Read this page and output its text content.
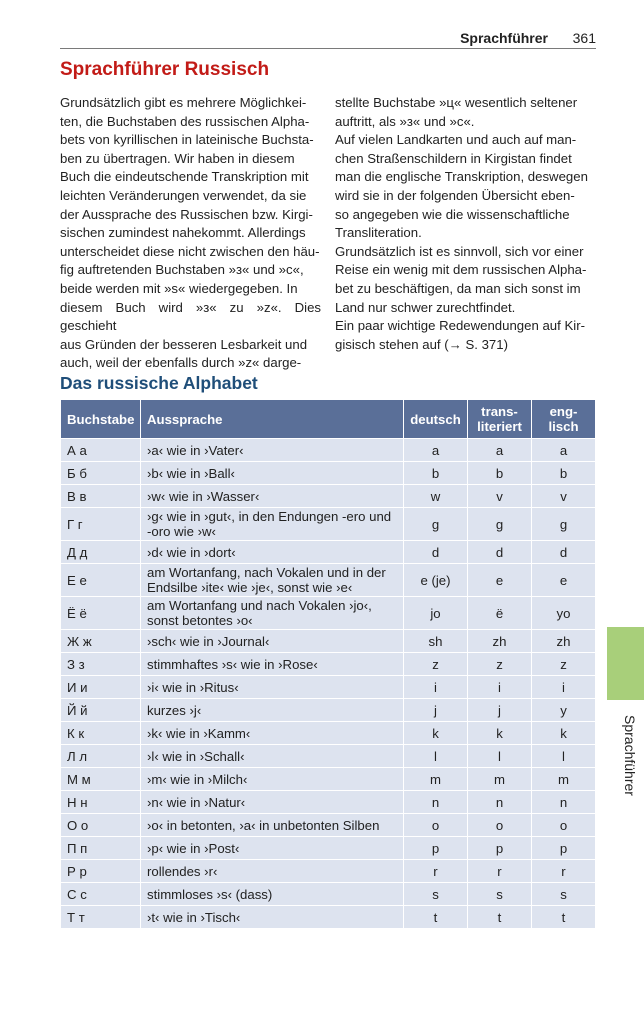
Sprachführer 361
Sprachführer Russisch

Grundsätzlich gibt es mehrere Möglichkei-
ten, die Buchstaben des russischen Alpha-
bets von kyrillischen in lateinische Buchsta-
ben zu übertragen. Wir haben in diesem
Buch die eindeutschende Transkription mit
leichten Veränderungen verwendet, da sie
der Aussprache des Russischen bzw. Kirgi-
sischen zumindest nahekommt. Allerdings
unterscheidet diese nicht zwischen den häu-
fig auftretenden Buchstaben »з« und »с«,
beide werden mit »s« wiedergegeben. In
diesem Buch wird »з« zu »z«. Dies geschieht
aus Gründen der besseren Lesbarkeit und
auch, weil der ebenfalls durch »z« darge-

stellte Buchstabe »ц« wesentlich seltener
auftritt, als »з« und »с«.
Auf vielen Landkarten und auch auf man-
chen Straßenschildern in Kirgistan findet
man die englische Transkription, deswegen
wird sie in der folgenden Übersicht eben-
so angegeben wie die wissenschaftliche
Transliteration.
Grundsätzlich ist es sinnvoll, sich vor einer
Reise ein wenig mit dem russischen Alpha-
bet zu beschäftigen, da man sich sonst im
Land nur schwer zurechtfindet.
Ein paar wichtige Redewendungen auf Kir-
gisisch stehen auf (→ S. 371)

Das russische Alphabet
Buchstabe	Aussprache	deutsch	trans-
literiert	eng-
lisch
А а	›a‹ wie in ›Vater‹	a	a	a
Б б	›b‹ wie in ›Ball‹	b	b	b
В в	›w‹ wie in ›Wasser‹	w	v	v
Г г	›g‹ wie in ›gut‹, in den Endungen -ero und -oro wie ›w‹	g	g	g
Д д	›d‹ wie in ›dort‹	d	d	d
Е е	am Wortanfang, nach Vokalen und in der Endsilbe ›ite‹ wie ›je‹, sonst wie ›e‹	e (je)	e	e
Ё ё	am Wortanfang und nach Vokalen ›jo‹, sonst betontes ›o‹	jo	ë	yo
Ж ж	›sch‹ wie in ›Journal‹	sh	zh	zh
З з	stimmhaftes ›s‹ wie in ›Rose‹	z	z	z
И и	›i‹ wie in ›Ritus‹	i	i	i
Й й	kurzes ›j‹	j	j	y
К к	›k‹ wie in ›Kamm‹	k	k	k
Л л	›l‹ wie in ›Schall‹	l	l	l
М м	›m‹ wie in ›Milch‹	m	m	m
Н н	›n‹ wie in ›Natur‹	n	n	n
О о	›o‹ in betonten, ›a‹ in unbetonten Silben	o	o	o
П п	›p‹ wie in ›Post‹	p	p	p
Р р	rollendes ›r‹	r	r	r
С с	stimmloses ›s‹ (dass)	s	s	s
Т т	›t‹ wie in ›Tisch‹	t	t	t
Sprachführer
